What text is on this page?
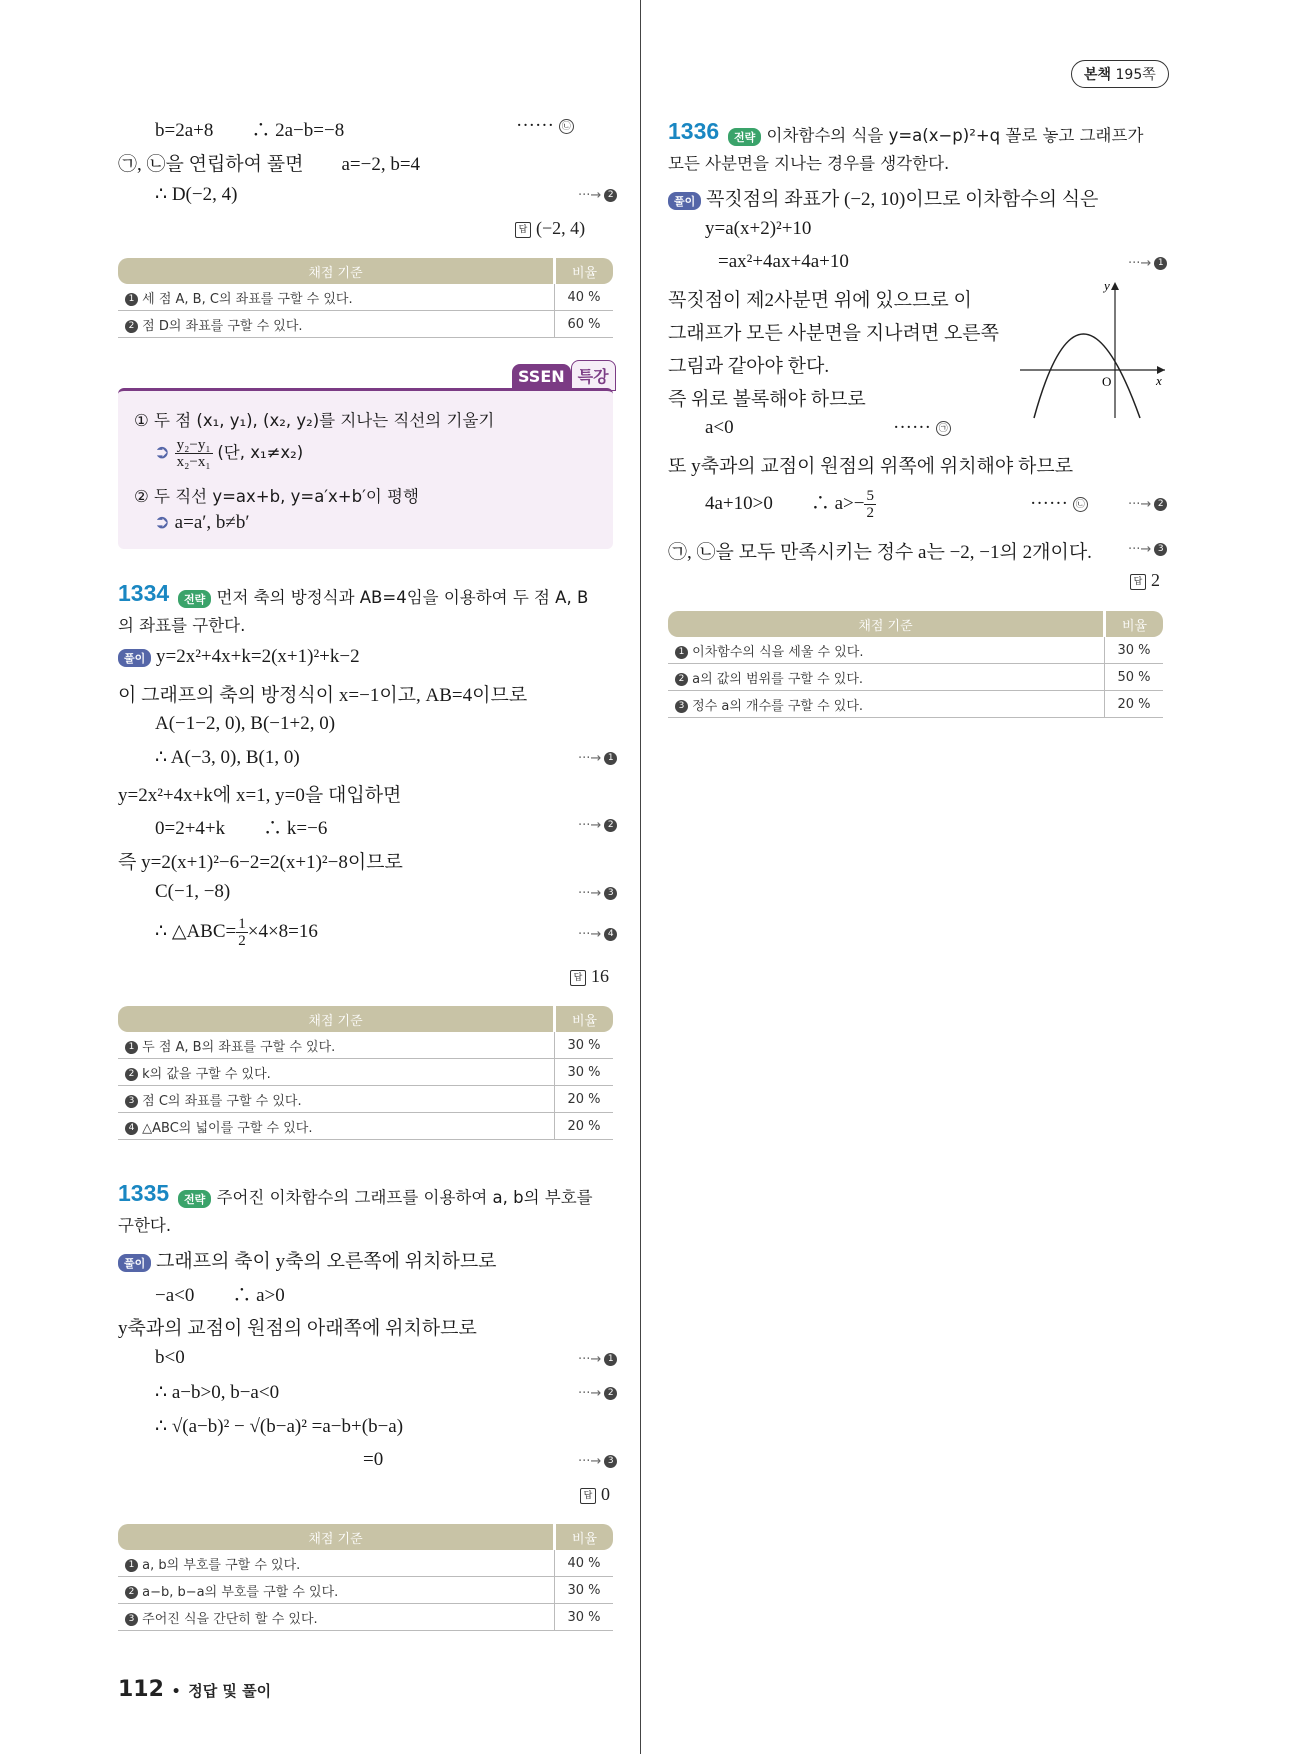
본책 195쪽
b=2a+8　　∴ 2a−b=−8	······ ㉡
㉠, ㉡을 연립하여 풀면　　a=−2, b=4
∴ D(−2, 4)	···→ 2
답 (−2, 4)
채점 기준	비율
1 세 점 A, B, C의 좌표를 구할 수 있다.	40 %
2 점 D의 좌표를 구할 수 있다.	60 %
SSEN 특강
① 두 점 (x₁, y₁), (x₂, y₂)를 지나는 직선의 기울기
➲ $\frac{\text{y₂−y₁}}{\text{x₂−x₁}}$ (단, x₁≠x₂)
② 두 직선 y=ax+b, y=a′x+b′이 평행
➲ a=a′, b≠b′
1334	전략 먼저 축의 방정식과 AB=4임을 이용하여 두 점 A, B
의 좌표를 구한다.
풀이 y=2x²+4x+k=2(x+1)²+k−2
이 그래프의 축의 방정식이 x=−1이고, AB=4이므로
A(−1−2, 0), B(−1+2, 0)
∴ A(−3, 0), B(1, 0)	···→ 1
y=2x²+4x+k에 x=1, y=0을 대입하면
0=2+4+k　　∴ k=−6	···→ 2
즉 y=2(x+1)²−6−2=2(x+1)²−8이므로
C(−1, −8)	···→ 3
∴ △ABC= $\frac{1}{2} \times 4\times 8=16$	···→ 4
답 16
채점 기준	비율
1 두 점 A, B의 좌표를 구할 수 있다.	30 %
2 k의 값을 구할 수 있다.	30 %
3 점 C의 좌표를 구할 수 있다.	20 %
4 △ABC의 넓이를 구할 수 있다.	20 %
1335	전략 주어진 이차함수의 그래프를 이용하여 a, b의 부호를
구한다.
풀이 그래프의 축이 y축의 오른쪽에 위치하므로
−a<0　　∴ a>0
y축과의 교점이 원점의 아래쪽에 위치하므로
b<0	···→ 1
∴ a−b>0, b−a<0	···→ 2
∴ √(a−b)² − √(b−a)² =a−b+(b−a)
=0	···→ 3
답 0
채점 기준	비율
1 a, b의 부호를 구할 수 있다.	40 %
2 a−b, b−a의 부호를 구할 수 있다.	30 %
3 주어진 식을 간단히 할 수 있다.	30 %
112 • 정답 및 풀이
1336	전략 이차함수의 식을 y=a(x−p)²+q 꼴로 놓고 그래프가
모든 사분면을 지나는 경우를 생각한다.
풀이 꼭짓점의 좌표가 (−2, 10)이므로 이차함수의 식은
y=a(x+2)²+10
=ax²+4ax+4a+10	···→ 1
꼭짓점이 제2사분면 위에 있으므로 이
그래프가 모든 사분면을 지나려면 오른쪽
그림과 같아야 한다.
즉 위로 볼록해야 하므로
a<0	······ ㉠
또 y축과의 교점이 원점의 위쪽에 위치해야 하므로
4a+10>0　　∴ $a>- \frac{5}{2}$	······ ㉡	···→ 2
㉠, ㉡을 모두 만족시키는 정수 a는 −2, −1의 2개이다.	···→ 3
답 2
y
x
O
채점 기준	비율
1 이차함수의 식을 세울 수 있다.	30 %
2 a의 값의 범위를 구할 수 있다.	50 %
3 정수 a의 개수를 구할 수 있다.	20 %
